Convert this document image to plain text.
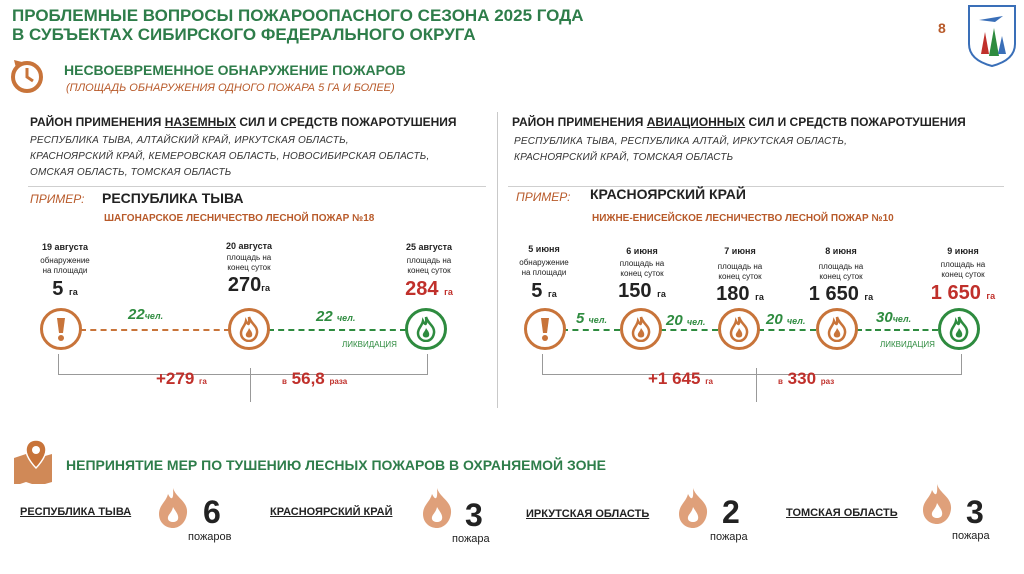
ПРОБЛЕМНЫЕ ВОПРОСЫ ПОЖАРООПАСНОГО СЕЗОНА 2025 ГОДА
В СУБЪЕКТАХ СИБИРСКОГО ФЕДЕРАЛЬНОГО ОКРУГА	8
НЕСВОЕВРЕМЕННОЕ ОБНАРУЖЕНИЕ ПОЖАРОВ
(ПЛОЩАДЬ ОБНАРУЖЕНИЯ ОДНОГО ПОЖАРА 5 ГА И БОЛЕЕ)
РАЙОН ПРИМЕНЕНИЯ НАЗЕМНЫХ СИЛ И СРЕДСТВ ПОЖАРОТУШЕНИЯ
РЕСПУБЛИКА ТЫВА, АЛТАЙСКИЙ КРАЙ, ИРКУТСКАЯ ОБЛАСТЬ,
КРАСНОЯРСКИЙ КРАЙ, КЕМЕРОВСКАЯ ОБЛАСТЬ, НОВОСИБИРСКАЯ ОБЛАСТЬ,
ОМСКАЯ ОБЛАСТЬ, ТОМСКАЯ ОБЛАСТЬ
ПРИМЕР: РЕСПУБЛИКА ТЫВА
ШАГОНАРСКОЕ ЛЕСНИЧЕСТВО ЛЕСНОЙ ПОЖАР №18
19 августа
обнаружение
на площади
5 га
20 августа
площадь на
конец суток
270га
25 августа
площадь на
конец суток
284 га
22чел.	22 чел.
ЛИКВИДАЦИЯ
+279 га	в 56,8 раза
РАЙОН ПРИМЕНЕНИЯ АВИАЦИОННЫХ СИЛ И СРЕДСТВ ПОЖАРОТУШЕНИЯ
РЕСПУБЛИКА ТЫВА, РЕСПУБЛИКА АЛТАЙ, ИРКУТСКАЯ ОБЛАСТЬ,
КРАСНОЯРСКИЙ КРАЙ, ТОМСКАЯ ОБЛАСТЬ
ПРИМЕР: КРАСНОЯРСКИЙ КРАЙ
НИЖНЕ-ЕНИСЕЙСКОЕ ЛЕСНИЧЕСТВО ЛЕСНОЙ ПОЖАР №10
5 июня
обнаружение
на площади
5 га
6 июня
площадь на
конец суток
150 га
7 июня
площадь на
конец суток
180 га
8 июня
площадь на
конец суток
1 650 га
9 июня
площадь на
конец суток
1 650 га
5 чел.	20 чел.	20 чел.	30чел.
ЛИКВИДАЦИЯ
+1 645 га	в 330 раз
НЕПРИНЯТИЕ МЕР ПО ТУШЕНИЮ ЛЕСНЫХ ПОЖАРОВ В ОХРАНЯЕМОЙ ЗОНЕ
РЕСПУБЛИКА ТЫВА 6
пожаров
КРАСНОЯРСКИЙ КРАЙ 3
пожара
ИРКУТСКАЯ ОБЛАСТЬ 2
пожара
ТОМСКАЯ ОБЛАСТЬ 3
пожара
